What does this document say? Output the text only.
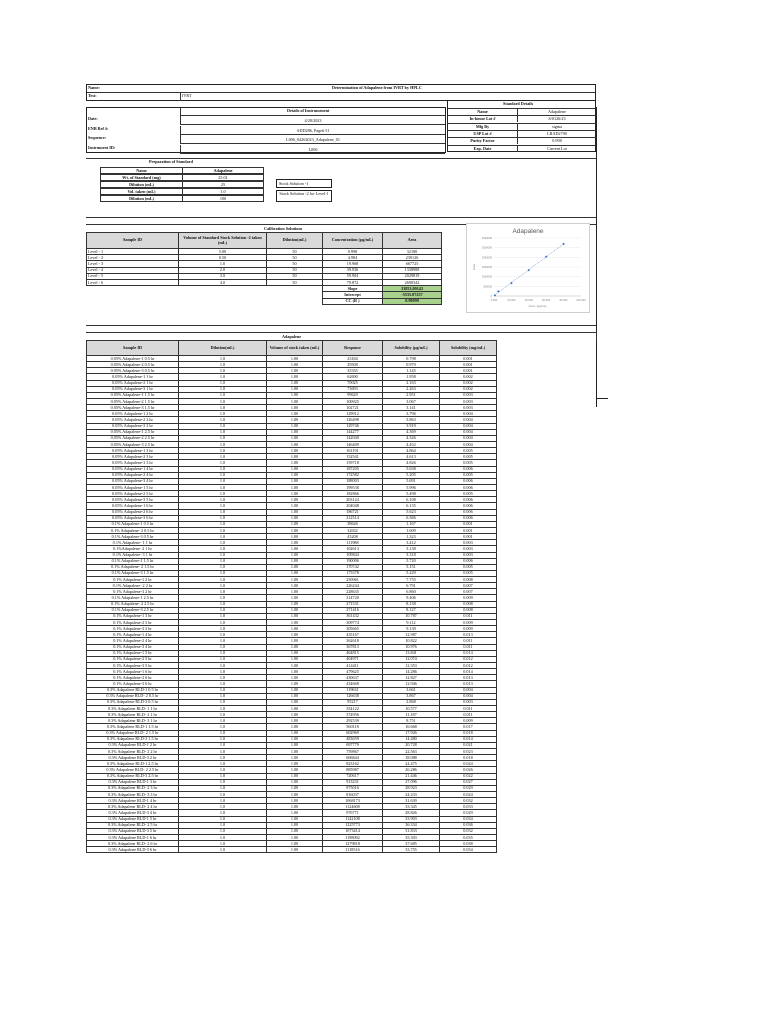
Name:	Determination of Adapalene from IVRT by HPLC
Test:	IVRT
Details of Instrumenent
Date:	4/28/2023
ENB Ref #:	ADD286, Page# 51
Sequence:	L006_04262023_Adapalene_01
Instrument ID:	L006
Standard Details
Name	Adapalene
In-house Lot #	S/0126/23
Mfg By	sigma
USP Lot #	LRAD2790
Purity Factor	0.998
Exp. Date	Current Lot
Preparation of Standard
Stock Solution -1
Stock Solution -2 for Level-1
Name	Adapalene
Wt. of Standard (mg)	25.01
Dilution (mL)	25
Vol. taken (mL)	1.0
Dilution (mL)	100
Calibration Solutions
Sample ID	Volume of Standard Stock Solution -2 taken (mL)	Dilution(mL)	Concentration (µg/mL)	Area
Level - 1	5.00	50	0.998	32180
Level - 2	0.50	50	4.984	239126
Level - 3	1.0	50	19.968	667725
Level - 4	2.0	50	39.936	1338988
Level - 5	3.0	50	59.904	2029819
Level - 6	4.0	50	79.872	2690342
			Slope	33853.09143
			Intercept	-5535.87257
			CC (R )	0.99999
Adapalene
0
500000
1000000
1500000
2000000
2500000
3000000
0.000	20.000	40.000	60.000	80.000	100.000
Area
Conc. (µg/mL)
Adapalene
Sample ID	Dilution(mL)	Volume of stock taken (mL)	Response	Solubility (µg/mL)	Solubility (mg/mL)
0.05% Adapalene-1 0.5 hr	1.0	1.00	23184	0.798	0.001
0.05% Adapalene-2 0.5 hr	1.0	1.00	29508	0.979	0.001
0.05% Adapalene-3 0.5 hr	1.0	1.00	35335	1.145	0.001
0.05% Adapalene-1 1 hr	1.0	1.00	62690	1.958	0.002
0.05% Adapalene-2 1 hr	1.0	1.00	70025	2.163	0.002
0.05% Adapalene-3 1 hr	1.0	1.00	73693	2.263	0.002
0.05% Adapalene-1 1.5 hr	1.0	1.00	99620	2.951	0.003
0.05% Adapalene-2 1.5 hr	1.0	1.00	100925	3.067	0.003
0.05% Adapalene-3 1.5 hr	1.0	1.00	102721	3.141	0.003
0.05% Adapalene-1 2 hr	1.0	1.00	129912	3.796	0.004
0.05% Adapalene-2 2 hr	1.0	1.00	126498	3.863	0.004
0.05% Adapalene-3 2 hr	1.0	1.00	129746	3.919	0.004
0.05% Adapalene-1 2.5 hr	1.0	1.00	144277	4.369	0.004
0.05% Adapalene-2 2.5 hr	1.0	1.00	142040	4.326	0.004
0.05% Adapalene-3 2.5 hr	1.0	1.00	146409	4.452	0.004
0.05% Adapalene-1 3 hr	1.0	1.00	161191	4.864	0.005
0.05% Adapalene-2 3 hr	1.0	1.00	152541	4.613	0.005
0.05% Adapalene-3 3 hr	1.0	1.00	159718	4.826	0.005
0.05% Adapalene-1 4 hr	1.0	1.00	187205	5.638	0.006
0.05% Adapalene-2 4 hr	1.0	1.00	172582	5.205	0.005
0.05% Adapalene-3 4 hr	1.0	1.00	188003	5.691	0.006
0.05% Adapalene-1 5 hr	1.0	1.00	199538	5.996	0.006
0.05% Adapalene-2 5 hr	1.0	1.00	182866	5.498	0.005
0.05% Adapalene-3 5 hr	1.0	1.00	203124	6.108	0.006
0.05% Adapalene-1 6 hr	1.0	1.00	204048	6.135	0.006
0.05% Adapalene-2 6 hr	1.0	1.00	186721	5.623	0.006
0.05% Adapalene-3 6 hr	1.0	1.00	212514	6.366	0.006
0.1% Adapalene-1 0.5 hr	1.0	1.00	38626	1.167	0.001
0.1% Adapalene- 2 0.5 hr	1.0	1.00	32632	1.009	0.001
0.1% Adapalene-3 0.5 hr	1.0	1.00	43208	1.323	0.001
0.1% Adapalene- 1 1 hr	1.0	1.00	111988	3.412	0.003
0.1%Adapalene- 2 1 hr	1.0	1.00	102613	3.138	0.003
0.1% Adapalene- 3 1 hr	1.0	1.00	109844	3.318	0.003
0.1% Adapalene-1 1.5 hr	1.0	1.00	190006	5.720	0.006
0.1% Adapalene- 2 1.5 hr	1.0	1.00	170742	5.151	0.005
0.1% Adapalene-3 1.5 hr	1.0	1.00	173378	5.229	0.005
0.1% Adapalene-1 2 hr	1.0	1.00	250061	7.755	0.008
0.1% Adapalene- 2 2 hr	1.0	1.00	226244	6.791	0.007
0.1% Adapalene-3 2 hr	1.0	1.00	228635	6.860	0.007
0.1% Adapalene-1 2.5 hr	1.0	1.00	314720	9.406	0.009
0.1% Adapalene- 2 2.5 hr	1.0	1.00	271531	8.138	0.008
0.1% Adapalene-3 2.5 hr	1.0	1.00	271416	8.127	0.008
0.1% Adapalene-1 3 hr	1.0	1.00	361432	10.787	0.011
0.1% Adapalene-2 3 hr	1.0	1.00	309774	9.112	0.009
0.1% Adapalene-3 3 hr	1.0	1.00	305665	9.139	0.009
0.1% Adapalene-1 4 hr	1.0	1.00	435167	12.987	0.013
0.1% Adapalene-2 4 hr	1.0	1.00	362618	10.822	0.011
0.1% Adapalene-3 4 hr	1.0	1.00	367813	10.976	0.011
0.1% Adapalene-1 5 hr	1.0	1.00	464815	13.841	0.014
0.1% Adapalene-2 5 hr	1.0	1.00	404971	12.074	0.012
0.1% Adapalene-3 5 hr	1.0	1.00	414411	12.353	0.012
0.1% Adapalene-1 6 hr	1.0	1.00	479625	14.286	0.014
0.1% Adapalene-2 6 hr	1.0	1.00	430637	12.827	0.013
0.1% Adapalene-3 6 hr	1.0	1.00	434668	12.946	0.013
0.3% Adapalene RLD-1 0.5 hr	1.0	1.00	119631	3.661	0.004
0.3% Adapalene RLD- 2 0.5 hr	1.0	1.00	126638	3.867	0.004
0.3% Adapalene RLD-3 0.5 hr	1.0	1.00	95217	2.868	0.003
0.3% Adapalene RLD- 1 1 hr	1.0	1.00	354122	10.577	0.011
0.3% Adapalene RLD- 2 1 hr	1.0	1.00	374956	11.187	0.011
0.3% Adapalene RLD- 3 1 hr	1.0	1.00	292539	8.751	0.009
0.3% Adapalene RLD-1 1.5 hr	1.0	1.00	560118	16.668	0.017
0.3% Adapalene RLD- 2 1.5 hr	1.0	1.00	602969	17.926	0.018
0.3% Adapalene RLD-3 1.5 hr	1.0	1.00	483659	14.480	0.014
0.3% Adapalene RLD-1 2 hr	1.0	1.00	697779	20.728	0.021
0.3% Adapalene RLD- 2 2 hr	1.0	1.00	759867	22.563	0.023
0.3% Adapalene RLD-3 2 hr	1.0	1.00	606844	18.088	0.018
0.3% Adapalene RLD-1 2.5 hr	1.0	1.00	823162	24.475	0.024
0.3% Adapalene RLD- 2 2.5 hr	1.0	1.00	885987	26.286	0.026
0.3% Adapalene RLD-3 2.5 hr	1.0	1.00	720617	21.446	0.022
0.3% Adapalene RLD-1 3 hr	1.0	1.00	913231	27.096	0.027
0.3% Adapalene RLD- 2 3 hr	1.0	1.00	975016	28.923	0.029
0.3% Adapalene RLD- 3 3 hr	1.0	1.00	816037	24.233	0.024
0.3% Adapalene RLD-1 4 hr	1.0	1.00	1068173	31.639	0.032
0.3% Adapalene RLD- 2 4 hr	1.0	1.00	1124608	33.345	0.033
0.3% Adapalene RLD-3 4 hr	1.0	1.00	976771	28.826	0.029
0.3% Adapalene RLD-1 5 hr	1.0	1.00	1142108	33.903	0.034
0.3% Adapalene RLD- 2 5 hr	1.0	1.00	1225773	36.334	0.036
0.3% Adapalene RLD-3 5 hr	1.0	1.00	1073414	31.833	0.032
0.3% Adapalene RLD-1 6 hr	1.0	1.00	1198092	35.303	0.035
0.3% Adapalene RLD- 2 6 hr	1.0	1.00	1279818	37.685	0.038
0.3% Adapalene RLD-3 6 hr	1.0	1.00	1118516	33.755	0.034
